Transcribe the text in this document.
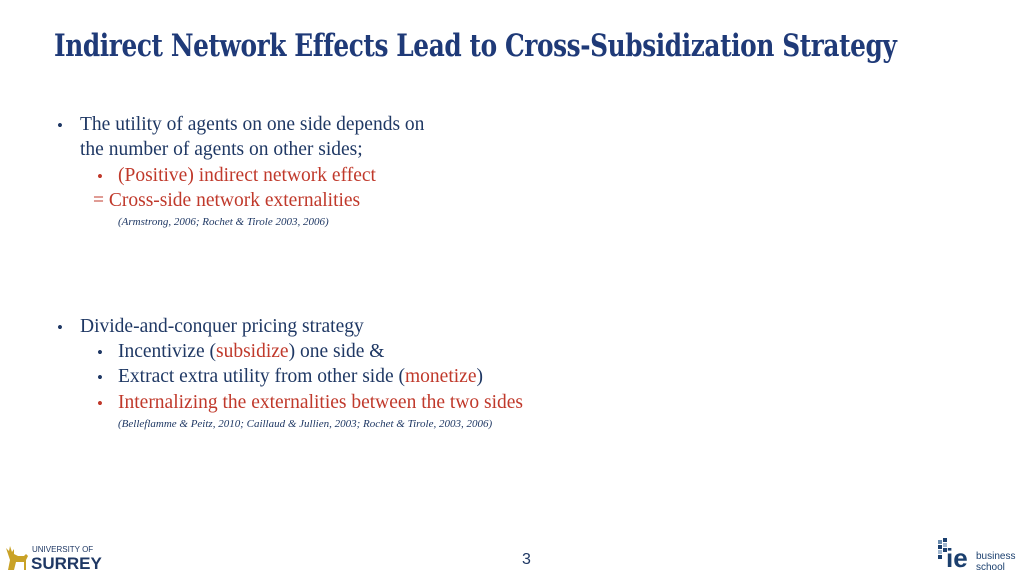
Indirect Network Effects Lead to Cross-Subsidization Strategy
• The utility of agents on one side depends on
the number of agents on other sides;
• (Positive) indirect network effect
= Cross-side network externalities
(Armstrong, 2006; Rochet & Tirole 2003, 2006)
• Divide-and-conquer pricing strategy
• Incentivize (subsidize) one side &
• Extract extra utility from other side (monetize)
• Internalizing the externalities between the two sides
(Belleflamme & Peitz, 2010; Caillaud & Jullien, 2003; Rochet & Tirole, 2003, 2006)
3
UNIVERSITY OF
SURREY	ie business
school
